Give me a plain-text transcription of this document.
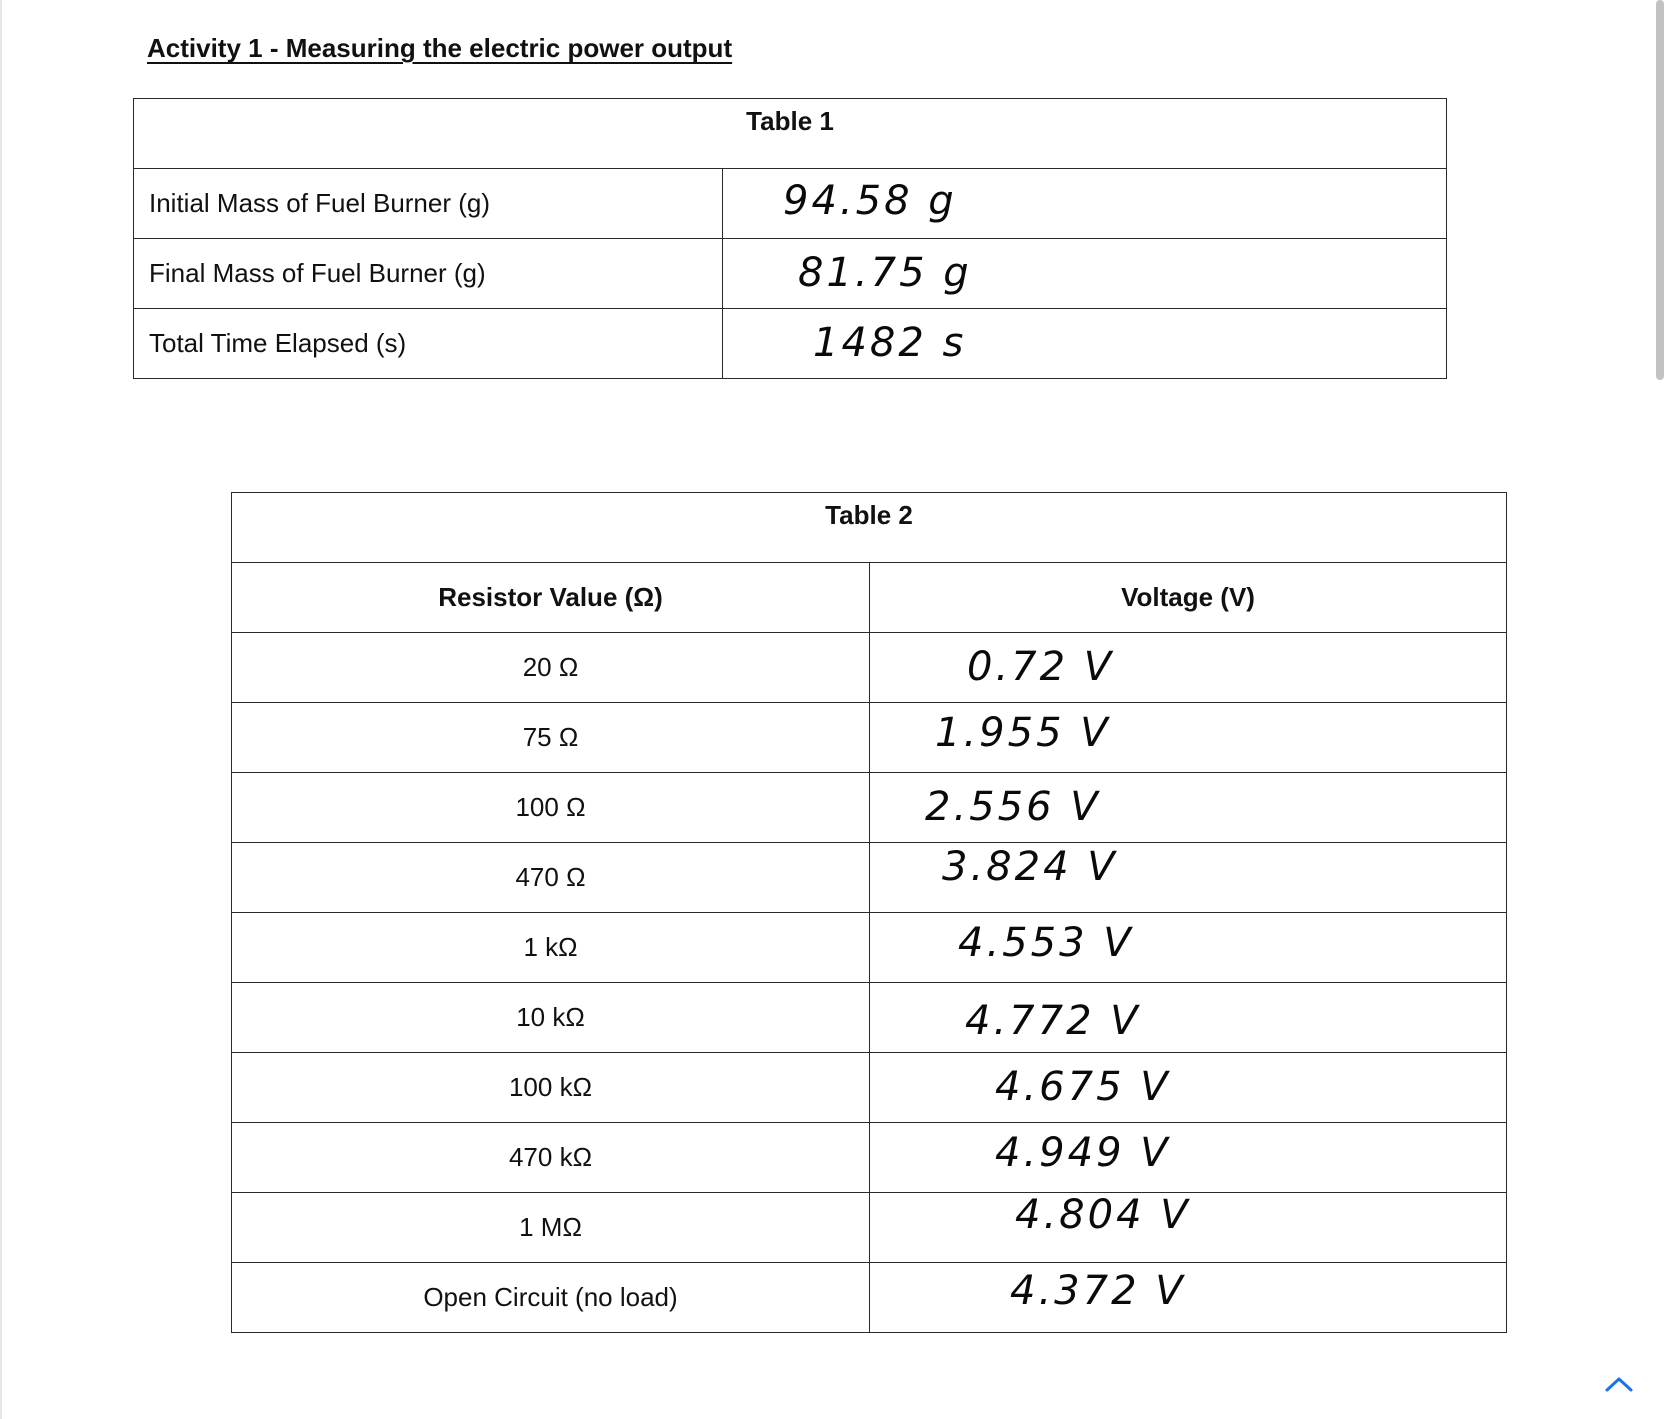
Activity 1 - Measuring the electric power output
Table 1	
Initial Mass of Fuel Burner (g)	94.58 g

Final Mass of Fuel Burner (g)	81.75 g

Total Time Elapsed (s)	1482 s
Table 2	
Resistor Value (Ω)	Voltage (V)
20 Ω	0.72 V

75 Ω	1.955 V

100 Ω	2.556 V

470 Ω	3.824 V

1 kΩ	4.553 V

10 kΩ	4.772 V

100 kΩ	4.675 V

470 kΩ	4.949 V

1 MΩ	4.804 V

Open Circuit (no load)	4.372 V
